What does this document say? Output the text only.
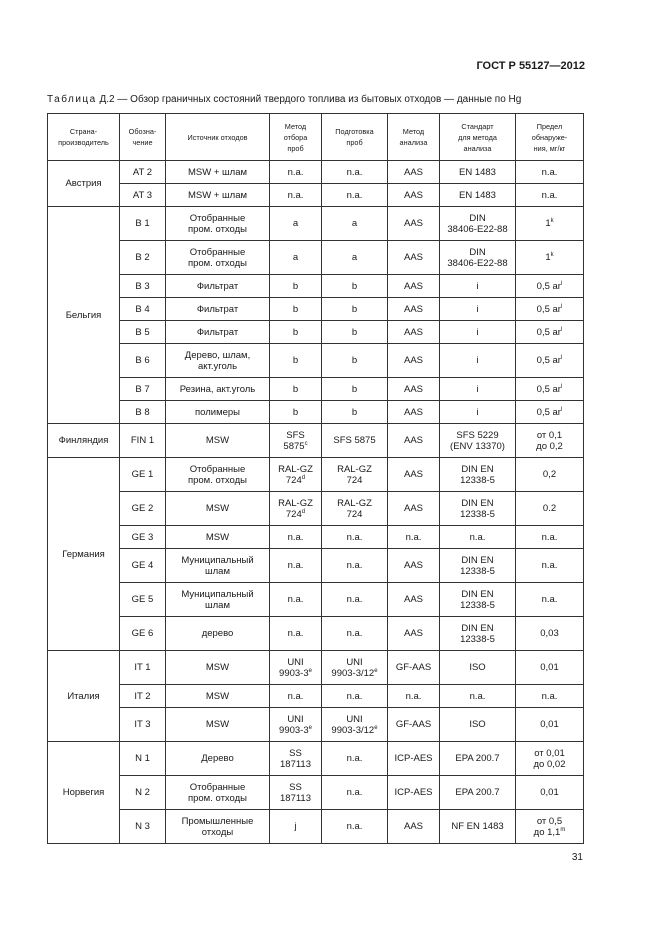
ГОСТ Р 55127—2012
Таблица Д.2 — Обзор граничных состояний твердого топлива из бытовых отходов — данные по Hg
Страна-
производитель	Обозна-
чение	Источник отходов	Метод
отбора
проб	Подготовка
проб	Метод
анализа	Стандарт
для метода
анализа	Предел
обнаруже-
ния, мг/кг
Австрия	AT 2	MSW + шлам	n.a.	n.a.	AAS	EN 1483	n.a.
	AT 3	MSW + шлам	n.a.	n.a.	AAS	EN 1483	n.a.
Бельгия	B 1	Отобранные
пром. отходы	a	a	AAS	DIN
38406-E22-88	1$^k$
	B 2	Отобранные
пром. отходы	a	a	AAS	DIN
38406-E22-88	1$^k$
	B 3	Фильтрат	b	b	AAS	i	0,5 $ar^l$
	B 4	Фильтрат	b	b	AAS	i	0,5 $ar^l$
	B 5	Фильтрат	b	b	AAS	i	0,5 $ar^l$
	B 6	Дерево, шлам,
акт.уголь	b	b	AAS	i	0,5 $ar^l$
	B 7	Резина, акт.уголь	b	b	AAS	i	0,5 $ar^l$
	B 8	полимеры	b	b	AAS	i	0,5 $ar^l$
Финляндия	FIN 1	MSW	SFS
5875$^c$	SFS 5875	AAS	SFS 5229
(ENV 13370)	от 0,1
до 0,2
Германия	GE 1	Отобранные
пром. отходы	RAL-GZ
724$^d$	RAL-GZ
724	AAS	DIN EN
12338-5	0,2
	GE 2	MSW	RAL-GZ
724$^d$	RAL-GZ
724	AAS	DIN EN
12338-5	0.2
	GE 3	MSW	n.a.	n.a.	n.a.	n.a.	n.a.
	GE 4	Муниципальный
шлам	n.a.	n.a.	AAS	DIN EN
12338-5	n.a.
	GE 5	Муниципальный
шлам	n.a.	n.a.	AAS	DIN EN
12338-5	n.a.
	GE 6	дерево	n.a.	n.a.	AAS	DIN EN
12338-5	0,03
Италия	IT 1	MSW	UNI
9903-3e	UNI
9903-3/12e	GF-AAS	ISO	0,01
	IT 2	MSW	n.a.	n.a.	n.a.	n.a.	n.a.
	IT 3	MSW	UNI
9903-3e	UNI
9903-3/12e	GF-AAS	ISO	0,01
Норвегия	N 1	Дерево	SS
187113	n.a.	ICP-AES	EPA 200.7	от 0,01
до 0,02
	N 2	Отобранные
пром. отходы	SS
187113	n.a.	ICP-AES	EPA 200.7	0,01
	N 3	Промышленные
отходы	j	n.a.	AAS	NF EN 1483	от 0,5
до 1,1$^m$
31
